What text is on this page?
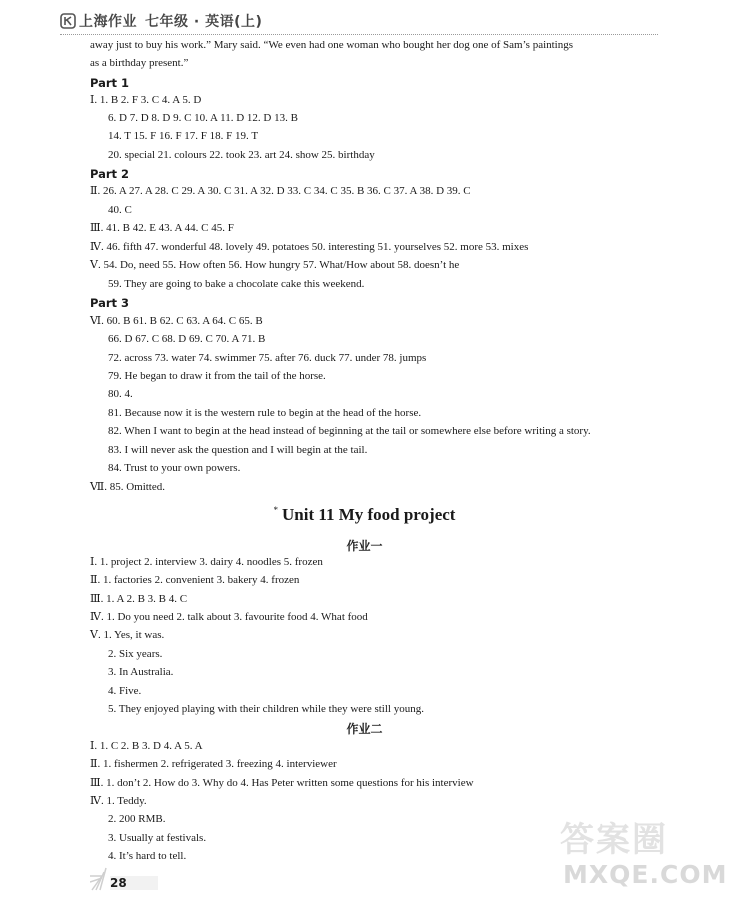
上海作业 七年级 · 英语(上)
away just to buy his work.” Mary said. “We even had one woman who bought her dog one of Sam’s paintings
as a birthday present.”
Part 1
Ⅰ. 1. B 2. F 3. C 4. A 5. D
6. D 7. D 8. D 9. C 10. A 11. D 12. D 13. B
14. T 15. F 16. F 17. F 18. F 19. T
20. special 21. colours 22. took 23. art 24. show 25. birthday
Part 2
Ⅱ. 26. A 27. A 28. C 29. A 30. C 31. A 32. D 33. C 34. C 35. B 36. C 37. A 38. D 39. C
40. C
Ⅲ. 41. B 42. E 43. A 44. C 45. F
Ⅳ. 46. fifth 47. wonderful 48. lovely 49. potatoes 50. interesting 51. yourselves 52. more 53. mixes
Ⅴ. 54. Do, need 55. How often 56. How hungry 57. What/How about 58. doesn’t he
59. They are going to bake a chocolate cake this weekend.
Part 3
Ⅵ. 60. B 61. B 62. C 63. A 64. C 65. B
66. D 67. C 68. D 69. C 70. A 71. B
72. across 73. water 74. swimmer 75. after 76. duck 77. under 78. jumps
79. He began to draw it from the tail of the horse.
80. 4.
81. Because now it is the western rule to begin at the head of the horse.
82. When I want to begin at the head instead of beginning at the tail or somewhere else before writing a story.
83. I will never ask the question and I will begin at the tail.
84. Trust to your own powers.
Ⅶ. 85. Omitted.
* Unit 11 My food project
作业一
Ⅰ. 1. project 2. interview 3. dairy 4. noodles 5. frozen
Ⅱ. 1. factories 2. convenient 3. bakery 4. frozen
Ⅲ. 1. A 2. B 3. B 4. C
Ⅳ. 1. Do you need 2. talk about 3. favourite food 4. What food
Ⅴ. 1. Yes, it was.
2. Six years.
3. In Australia.
4. Five.
5. They enjoyed playing with their children while they were still young.
作业二
Ⅰ. 1. C 2. B 3. D 4. A 5. A
Ⅱ. 1. fishermen 2. refrigerated 3. freezing 4. interviewer
Ⅲ. 1. don’t 2. How do 3. Why do 4. Has Peter written some questions for his interview
Ⅳ. 1. Teddy.
2. 200 RMB.
3. Usually at festivals.
4. It’s hard to tell.
28
答案圈
MXQE.COM
